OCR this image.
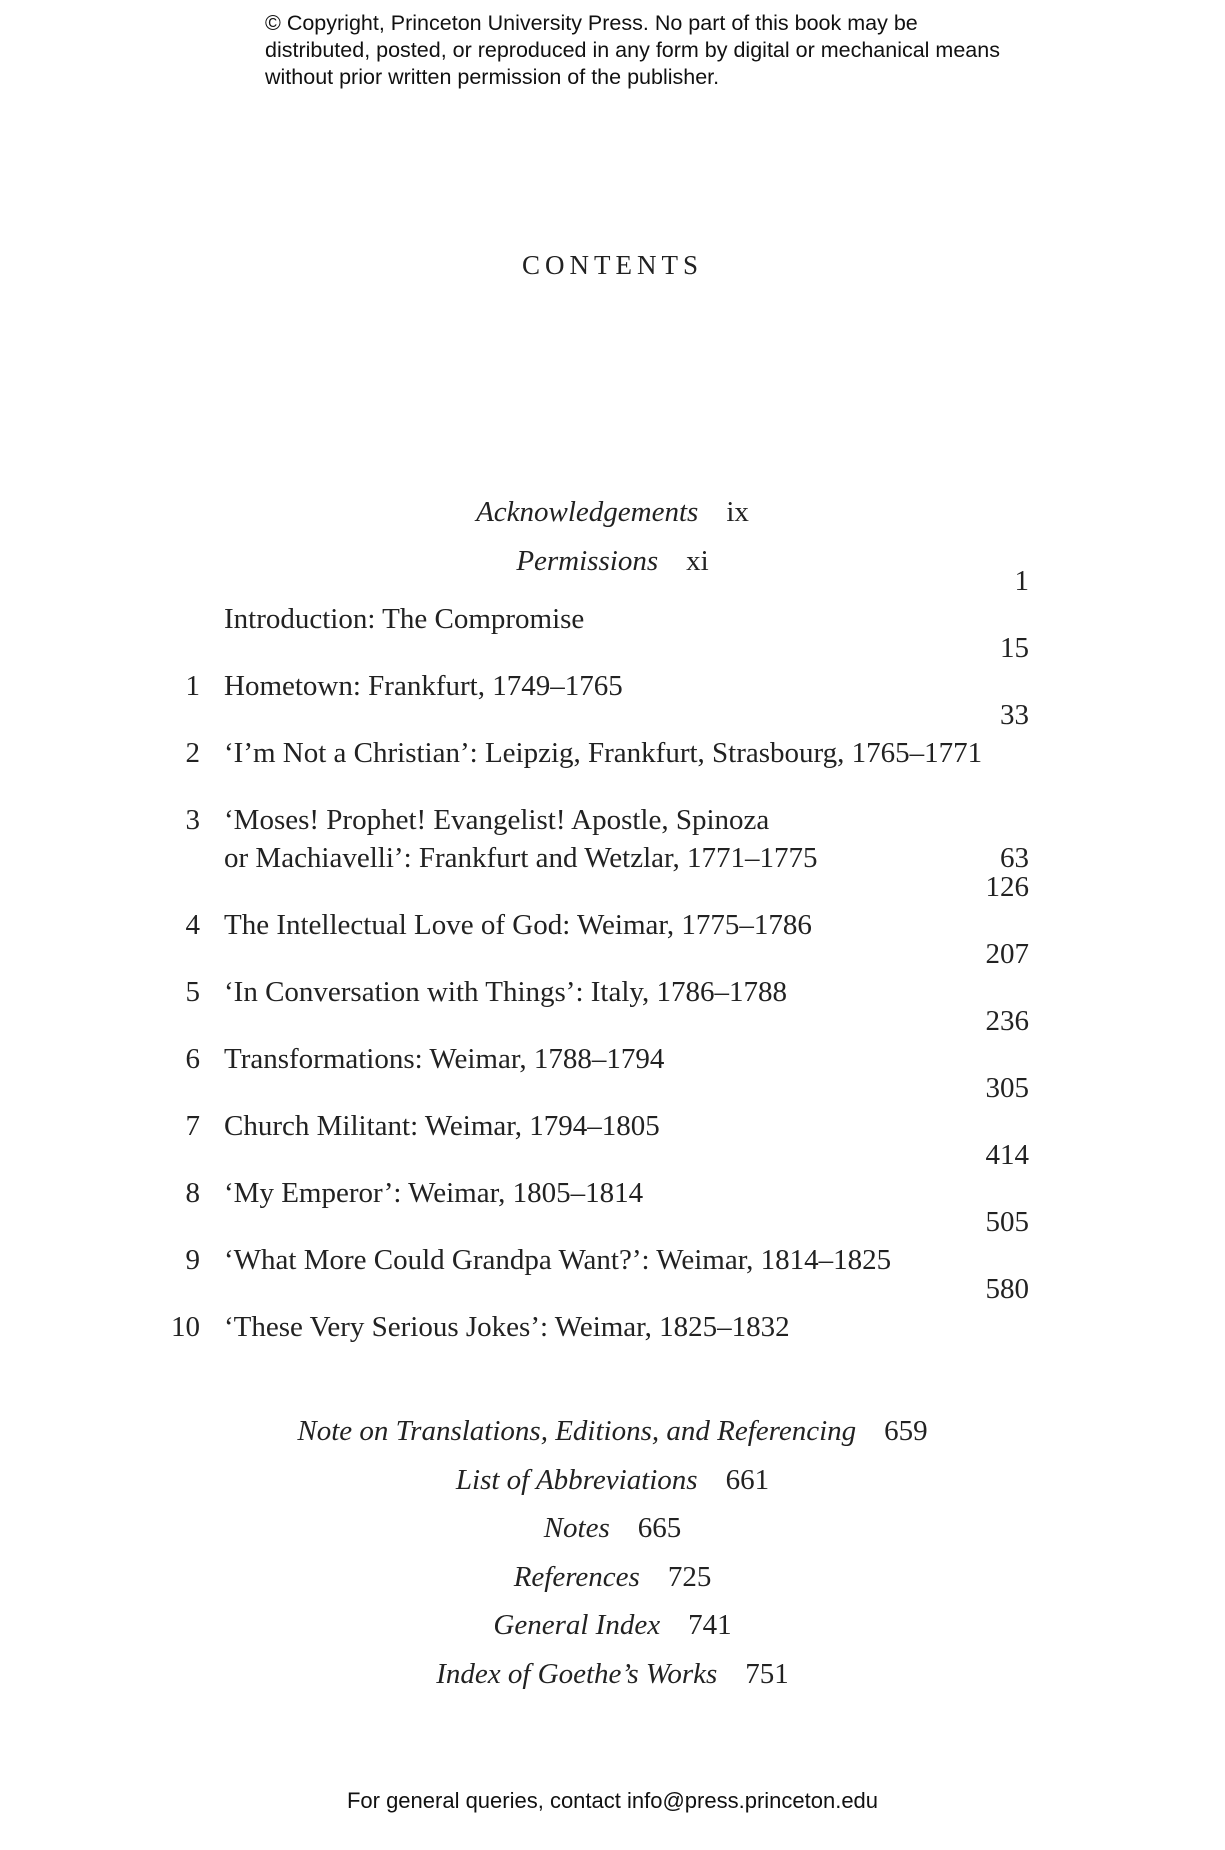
© Copyright, Princeton University Press. No part of this book may be distributed, posted, or reproduced in any form by digital or mechanical means without prior written permission of the publisher.
CONTENTS
Acknowledgements ix
Permissions xi
Introduction: The Compromise
1
1 Hometown: Frankfurt, 1749–1765
15
2 ‘I’m Not a Christian’: Leipzig, Frankfurt, Strasbourg, 1765–1771
33
3 ‘Moses! Prophet! Evangelist! Apostle, Spinoza
or Machiavelli’: Frankfurt and Wetzlar, 1771–1775	63
4 The Intellectual Love of God: Weimar, 1775–1786
126
5 ‘In Conversation with Things’: Italy, 1786–1788
207
6 Transformations: Weimar, 1788–1794
236
7 Church Militant: Weimar, 1794–1805
305
8 ‘My Emperor’: Weimar, 1805–1814
414
9 ‘What More Could Grandpa Want?’: Weimar, 1814–1825
505
10 ‘These Very Serious Jokes’: Weimar, 1825–1832
580
Note on Translations, Editions, and Referencing 659
List of Abbreviations 661
Notes 665
References 725
General Index 741
Index of Goethe’s Works 751
For general queries, contact info@press.princeton.edu
